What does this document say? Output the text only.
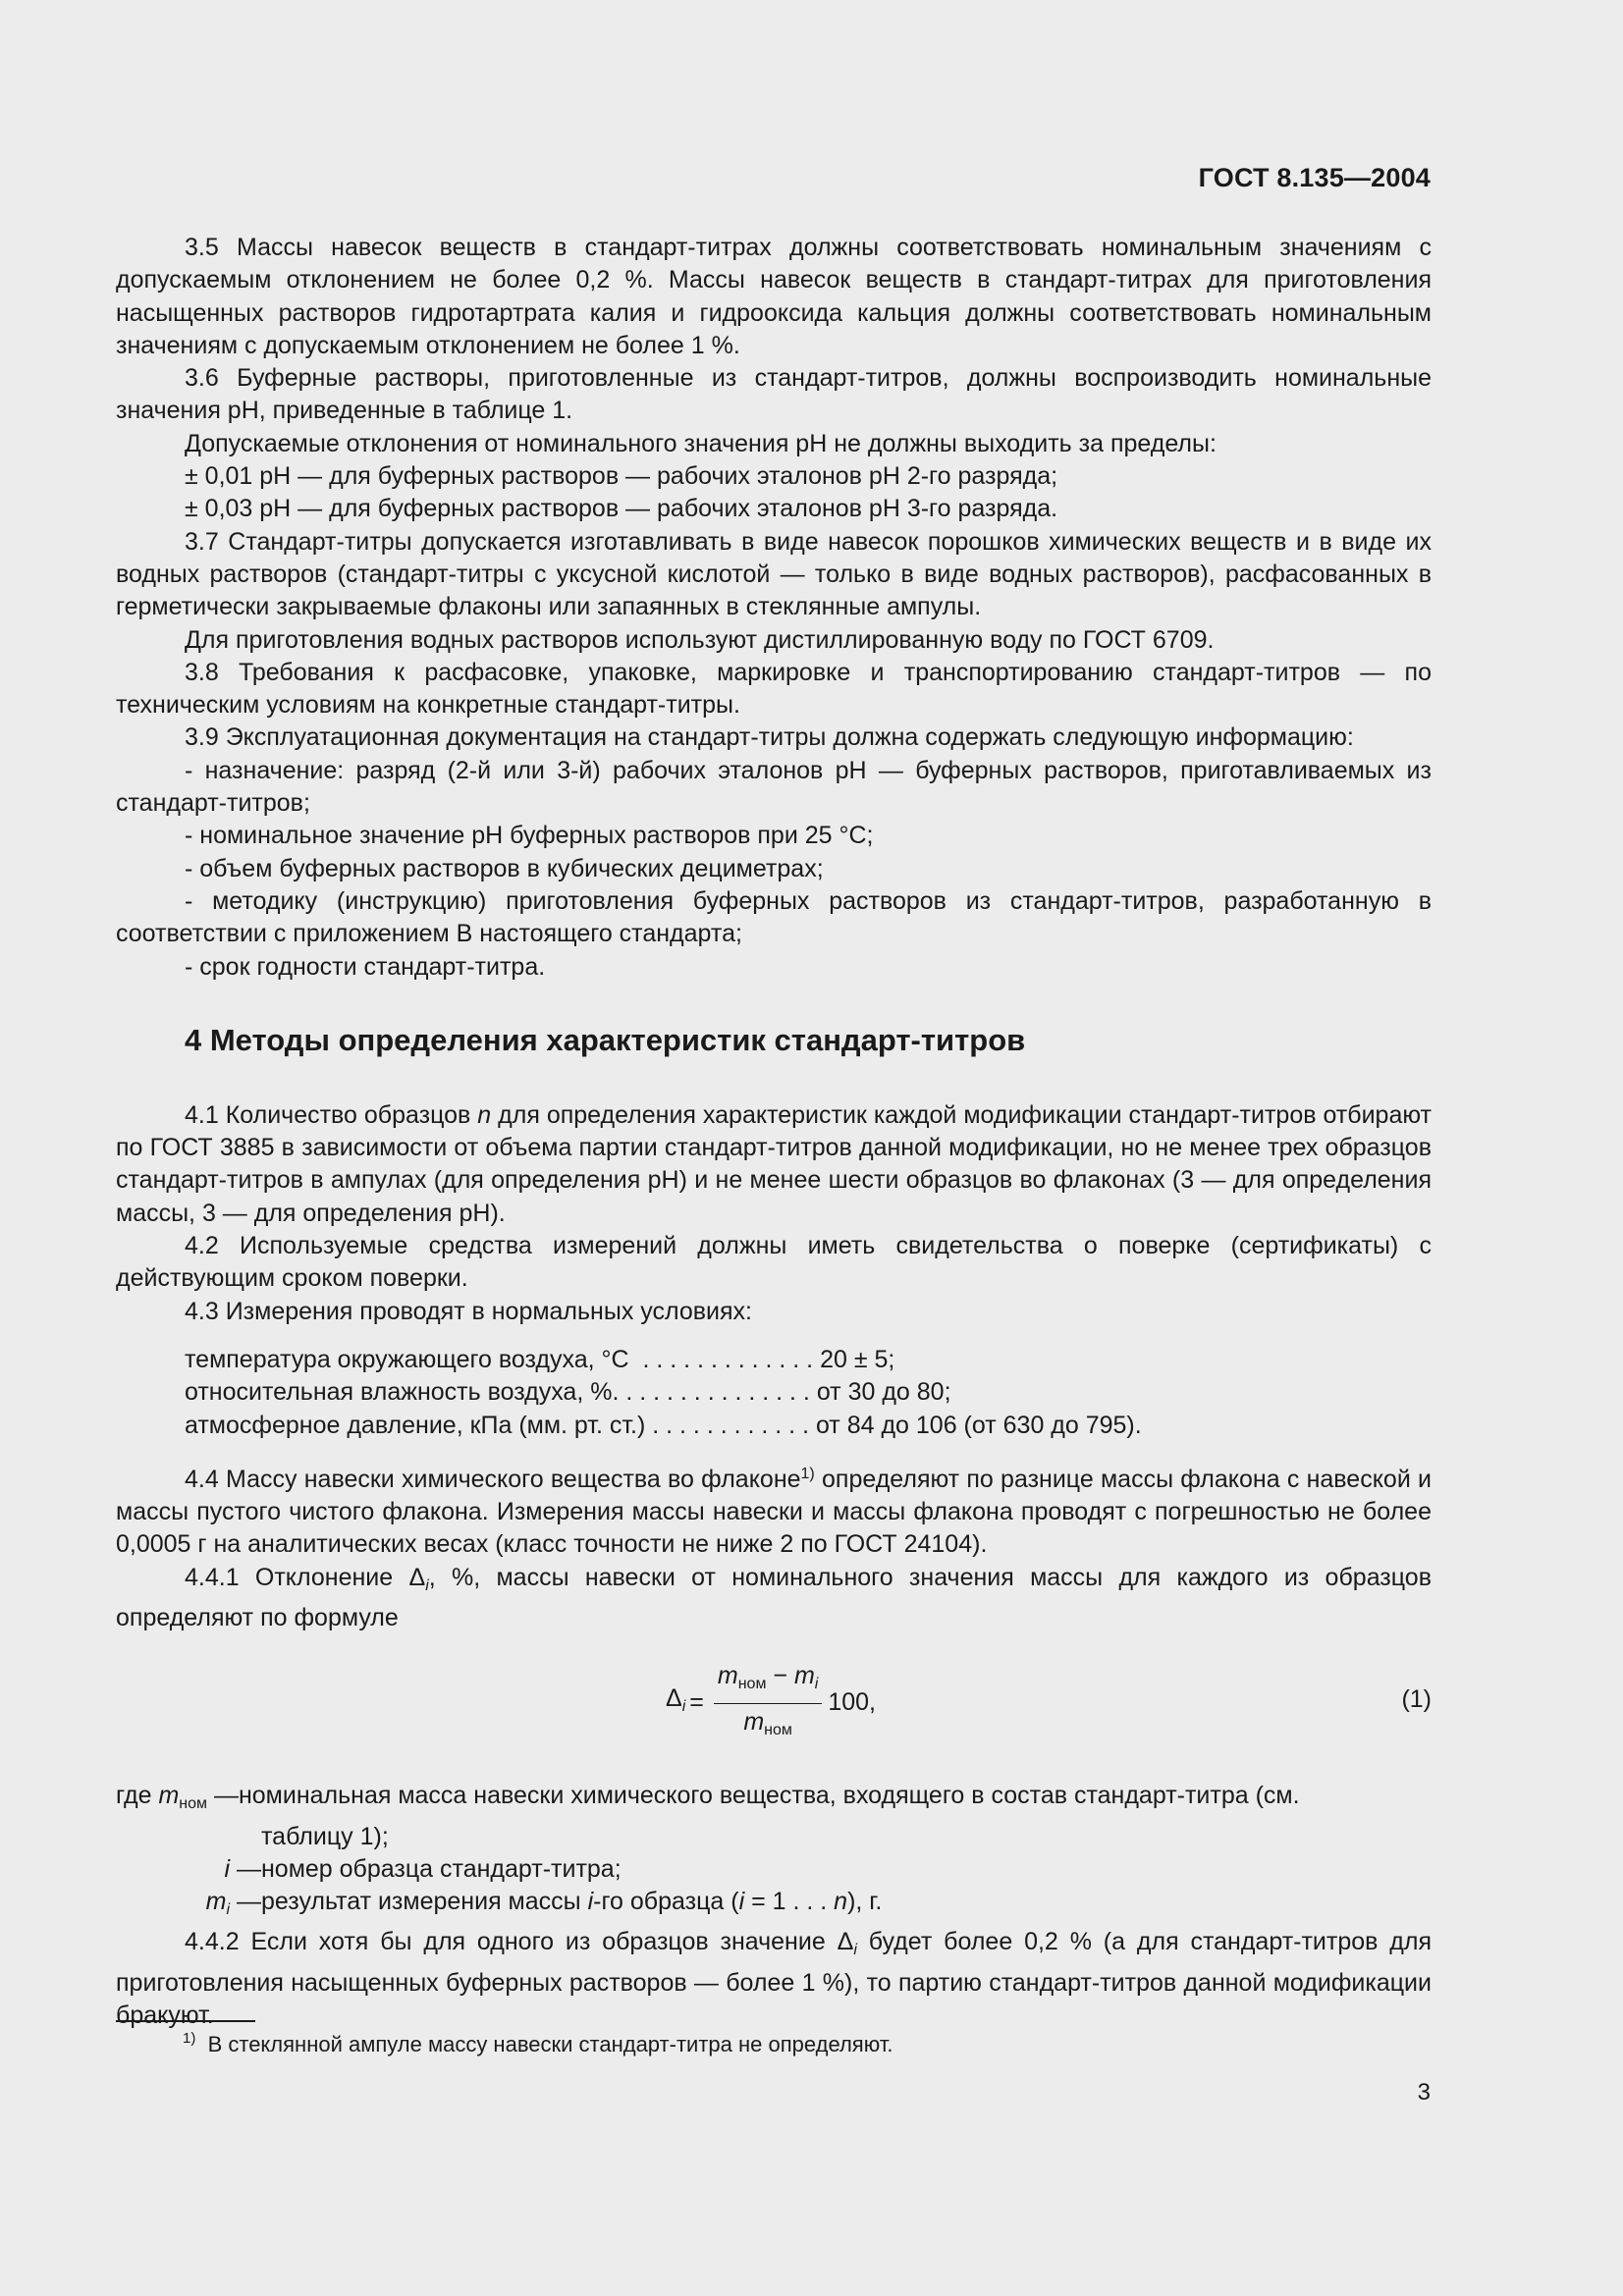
ГОСТ 8.135—2004

3.5 Массы навесок веществ в стандарт-титрах должны соответствовать номинальным значениям с допускаемым отклонением не более 0,2 %. Массы навесок веществ в стандарт-титрах для приготовления насыщенных растворов гидротартрата калия и гидрооксида кальция должны соответствовать номинальным значениям с допускаемым отклонением не более 1 %.

3.6 Буферные растворы, приготовленные из стандарт-титров, должны воспроизводить номинальные значения рН, приведенные в таблице 1.

Допускаемые отклонения от номинального значения рН не должны выходить за пределы:

± 0,01 рН — для буферных растворов — рабочих эталонов рН 2-го разряда;

± 0,03 рН — для буферных растворов — рабочих эталонов рН 3-го разряда.

3.7 Стандарт-титры допускается изготавливать в виде навесок порошков химических веществ и в виде их водных растворов (стандарт-титры с уксусной кислотой — только в виде водных растворов), расфасованных в герметически закрываемые флаконы или запаянных в стеклянные ампулы.

Для приготовления водных растворов используют дистиллированную воду по ГОСТ 6709.

3.8 Требования к расфасовке, упаковке, маркировке и транспортированию стандарт-титров — по техническим условиям на конкретные стандарт-титры.

3.9 Эксплуатационная документация на стандарт-титры должна содержать следующую информацию:

- назначение: разряд (2-й или 3-й) рабочих эталонов рН — буферных растворов, приготавливаемых из стандарт-титров;

- номинальное значение рН буферных растворов при 25 °С;

- объем буферных растворов в кубических дециметрах;

- методику (инструкцию) приготовления буферных растворов из стандарт-титров, разработанную в соответствии с приложением В настоящего стандарта;

- срок годности стандарт-титра.

4 Методы определения характеристик стандарт-титров

4.1 Количество образцов n для определения характеристик каждой модификации стандарт-титров отбирают по ГОСТ 3885 в зависимости от объема партии стандарт-титров данной модификации, но не менее трех образцов стандарт-титров в ампулах (для определения рН) и не менее шести образцов во флаконах (3 — для определения массы, 3 — для определения рН).

4.2 Используемые средства измерений должны иметь свидетельства о поверке (сертификаты) с действующим сроком поверки.

4.3 Измерения проводят в нормальных условиях:

температура окружающего воздуха, °С  . . . . . . . . . . . . . 20 ± 5;
относительная влажность воздуха, %. . . . . . . . . . . . . . . от 30 до 80;
атмосферное давление, кПа (мм. рт. ст.) . . . . . . . . . . . . от 84 до 106 (от 630 до 795).

4.4 Массу навески химического вещества во флаконе$^{1)}$ определяют по разнице массы флакона с навеской и массы пустого чистого флакона. Измерения массы навески и массы флакона проводят с погрешностью не более 0,0005 г на аналитических весах (класс точности не ниже 2 по ГОСТ 24104).

4.4.1 Отклонение $\Delta_i$, %, массы навески от номинального значения массы для каждого из образцов определяют по формуле

$\Delta_i = \frac{m_{ном} - m_i}{m_{ном}} 100$,	(1)
где $m_{ном}$ — номинальная масса навески химического вещества, входящего в состав стандарт-титра (см.
таблицу 1);
i — номер образца стандарт-титра;
$m_i$ — результат измерения массы i-го образца (i = 1 . . . n), г.

4.4.2 Если хотя бы для одного из образцов значение $\Delta_i$ будет более 0,2 % (а для стандарт-титров для приготовления насыщенных буферных растворов — более 1 %), то партию стандарт-титров данной модификации бракуют.

$^{1)}$ В стеклянной ампуле массу навески стандарт-титра не определяют.
3
